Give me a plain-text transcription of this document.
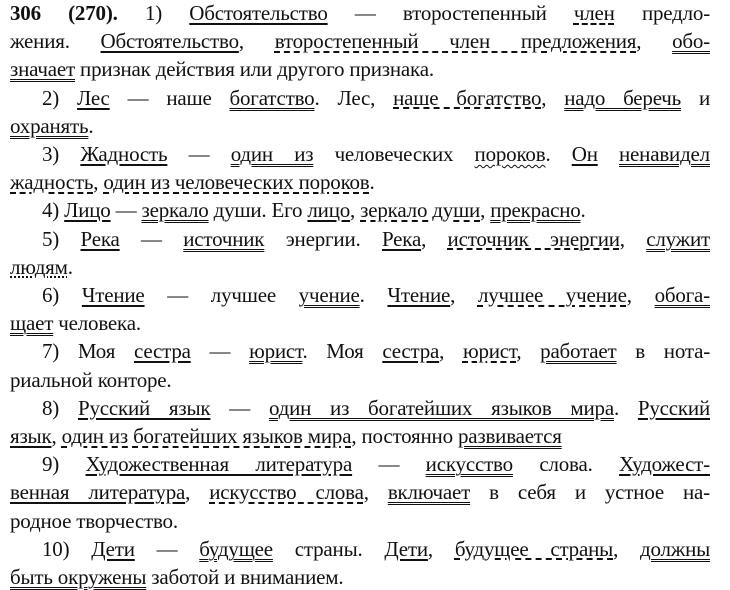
306 (270). 1) Обстоятельство — второстепенный член предло-
жения. Обстоятельство, второстепенный член предложения, обо-
значает признак действия или другого признака.
2) Лес — наше богатство. Лес, наше богатство, надо беречь и
охранять.
3) Жадность — один из человеческих пороков. Он ненавидел
жадность, один из человеческих пороков.
4) Лицо — зеркало души. Его лицо, зеркало души, прекрасно.
5) Река — источник энергии. Река, источник энергии, служит
людям.
6) Чтение — лучшее учение. Чтение, лучшее учение, обога-
щает человека.
7) Моя сестра — юрист. Моя сестра, юрист, работает в нота-
риальной конторе.
8) Русский язык — один из богатейших языков мира. Русский
язык, один из богатейших языков мира, постоянно развивается
9) Художественная литература — искусство слова. Художест-
венная литература, искусство слова, включает в себя и устное на-
родное творчество.
10) Дети — будущее страны. Дети, будущее страны, должны
быть окружены заботой и вниманием.
